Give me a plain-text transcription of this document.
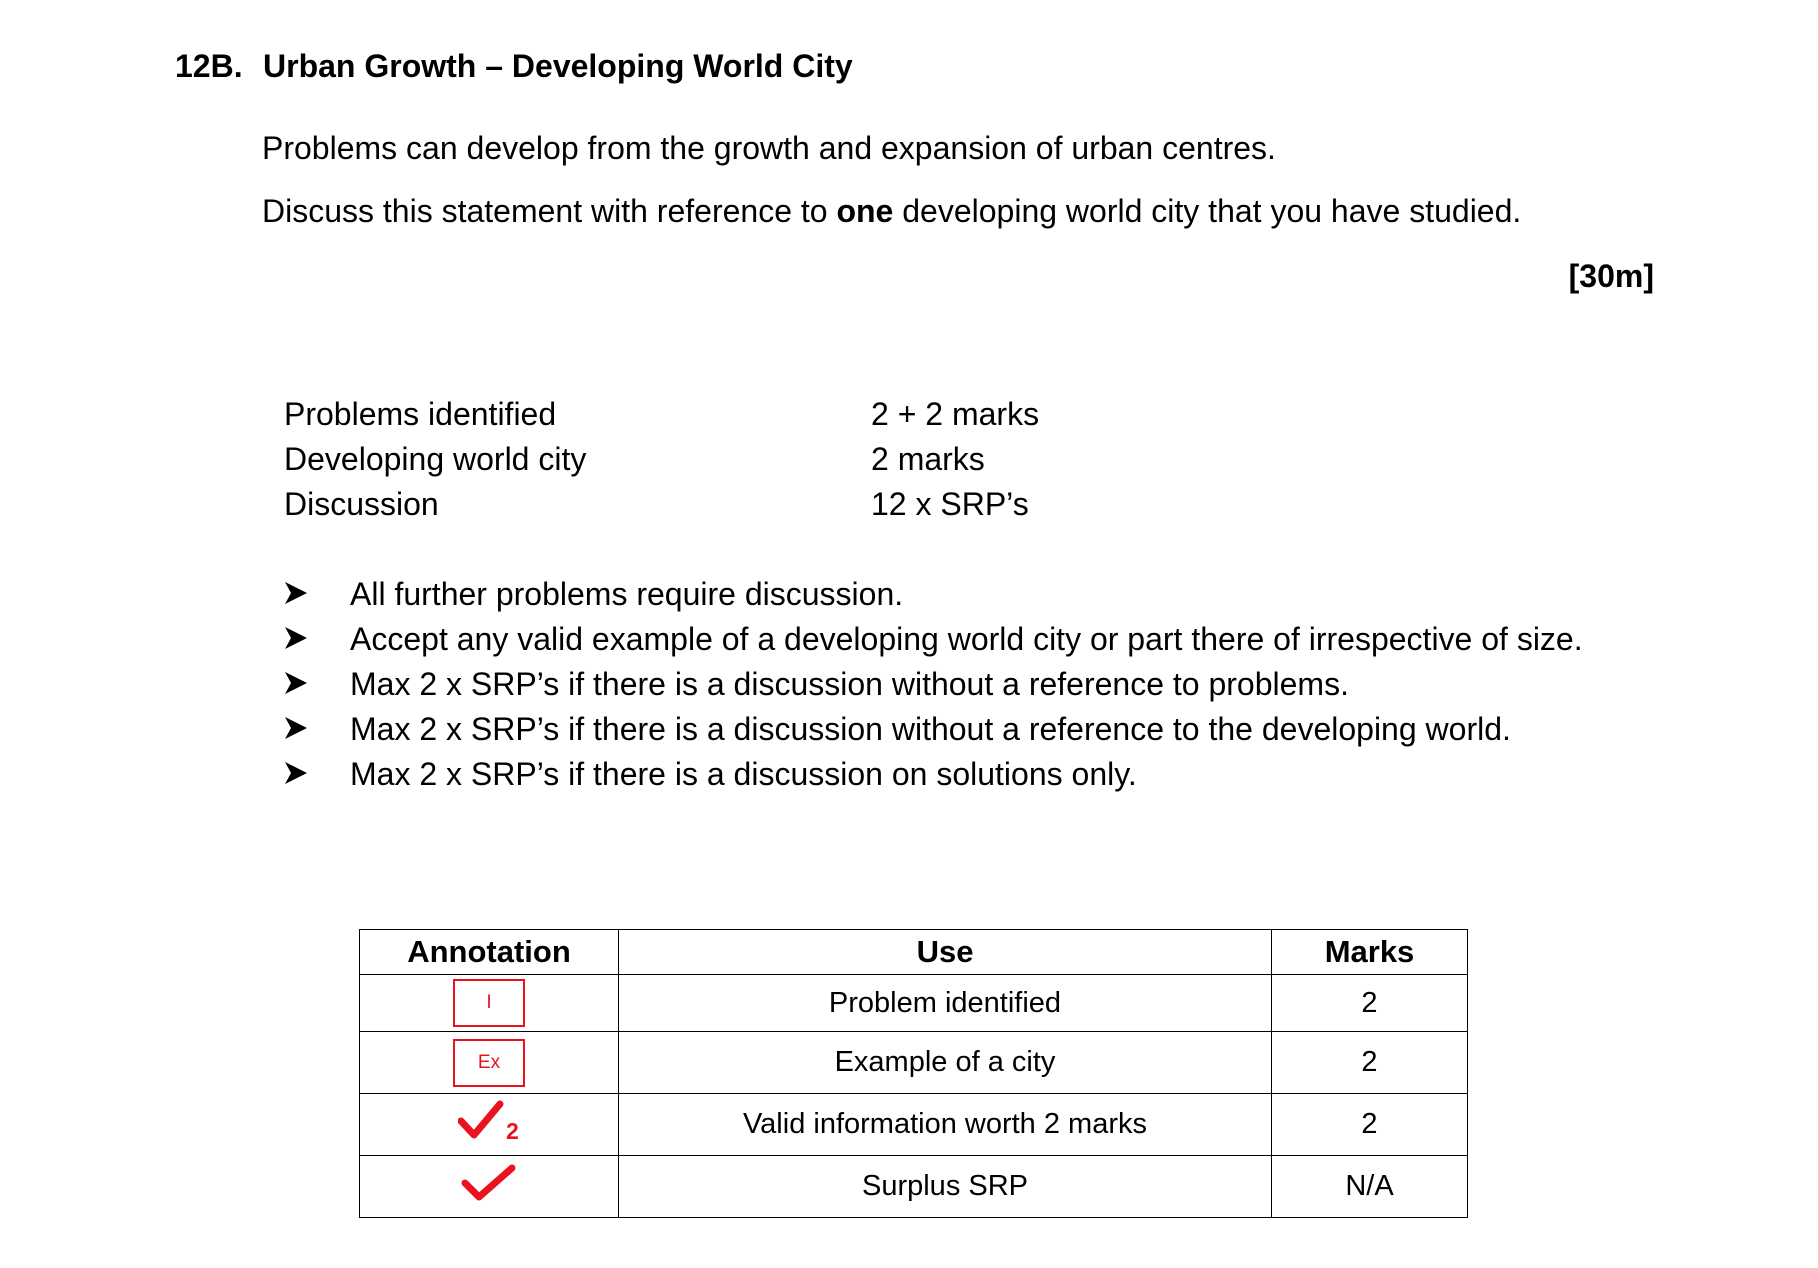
12B. Urban Growth – Developing World City
Problems can develop from the growth and expansion of urban centres.
Discuss this statement with reference to one developing world city that you have studied.
[30m]
Problems identified	2 + 2 marks
Developing world city	2 marks
Discussion	12 x SRP’s
All further problems require discussion.
Accept any valid example of a developing world city or part there of irrespective of size.
Max 2 x SRP’s if there is a discussion without a reference to problems.
Max 2 x SRP’s if there is a discussion without a reference to the developing world.
Max 2 x SRP’s if there is a discussion on solutions only.
Annotation	Use	Marks
I	Problem identified	2
Ex	Example of a city	2

2	Valid information worth 2 marks	2
	Surplus SRP	N/A
